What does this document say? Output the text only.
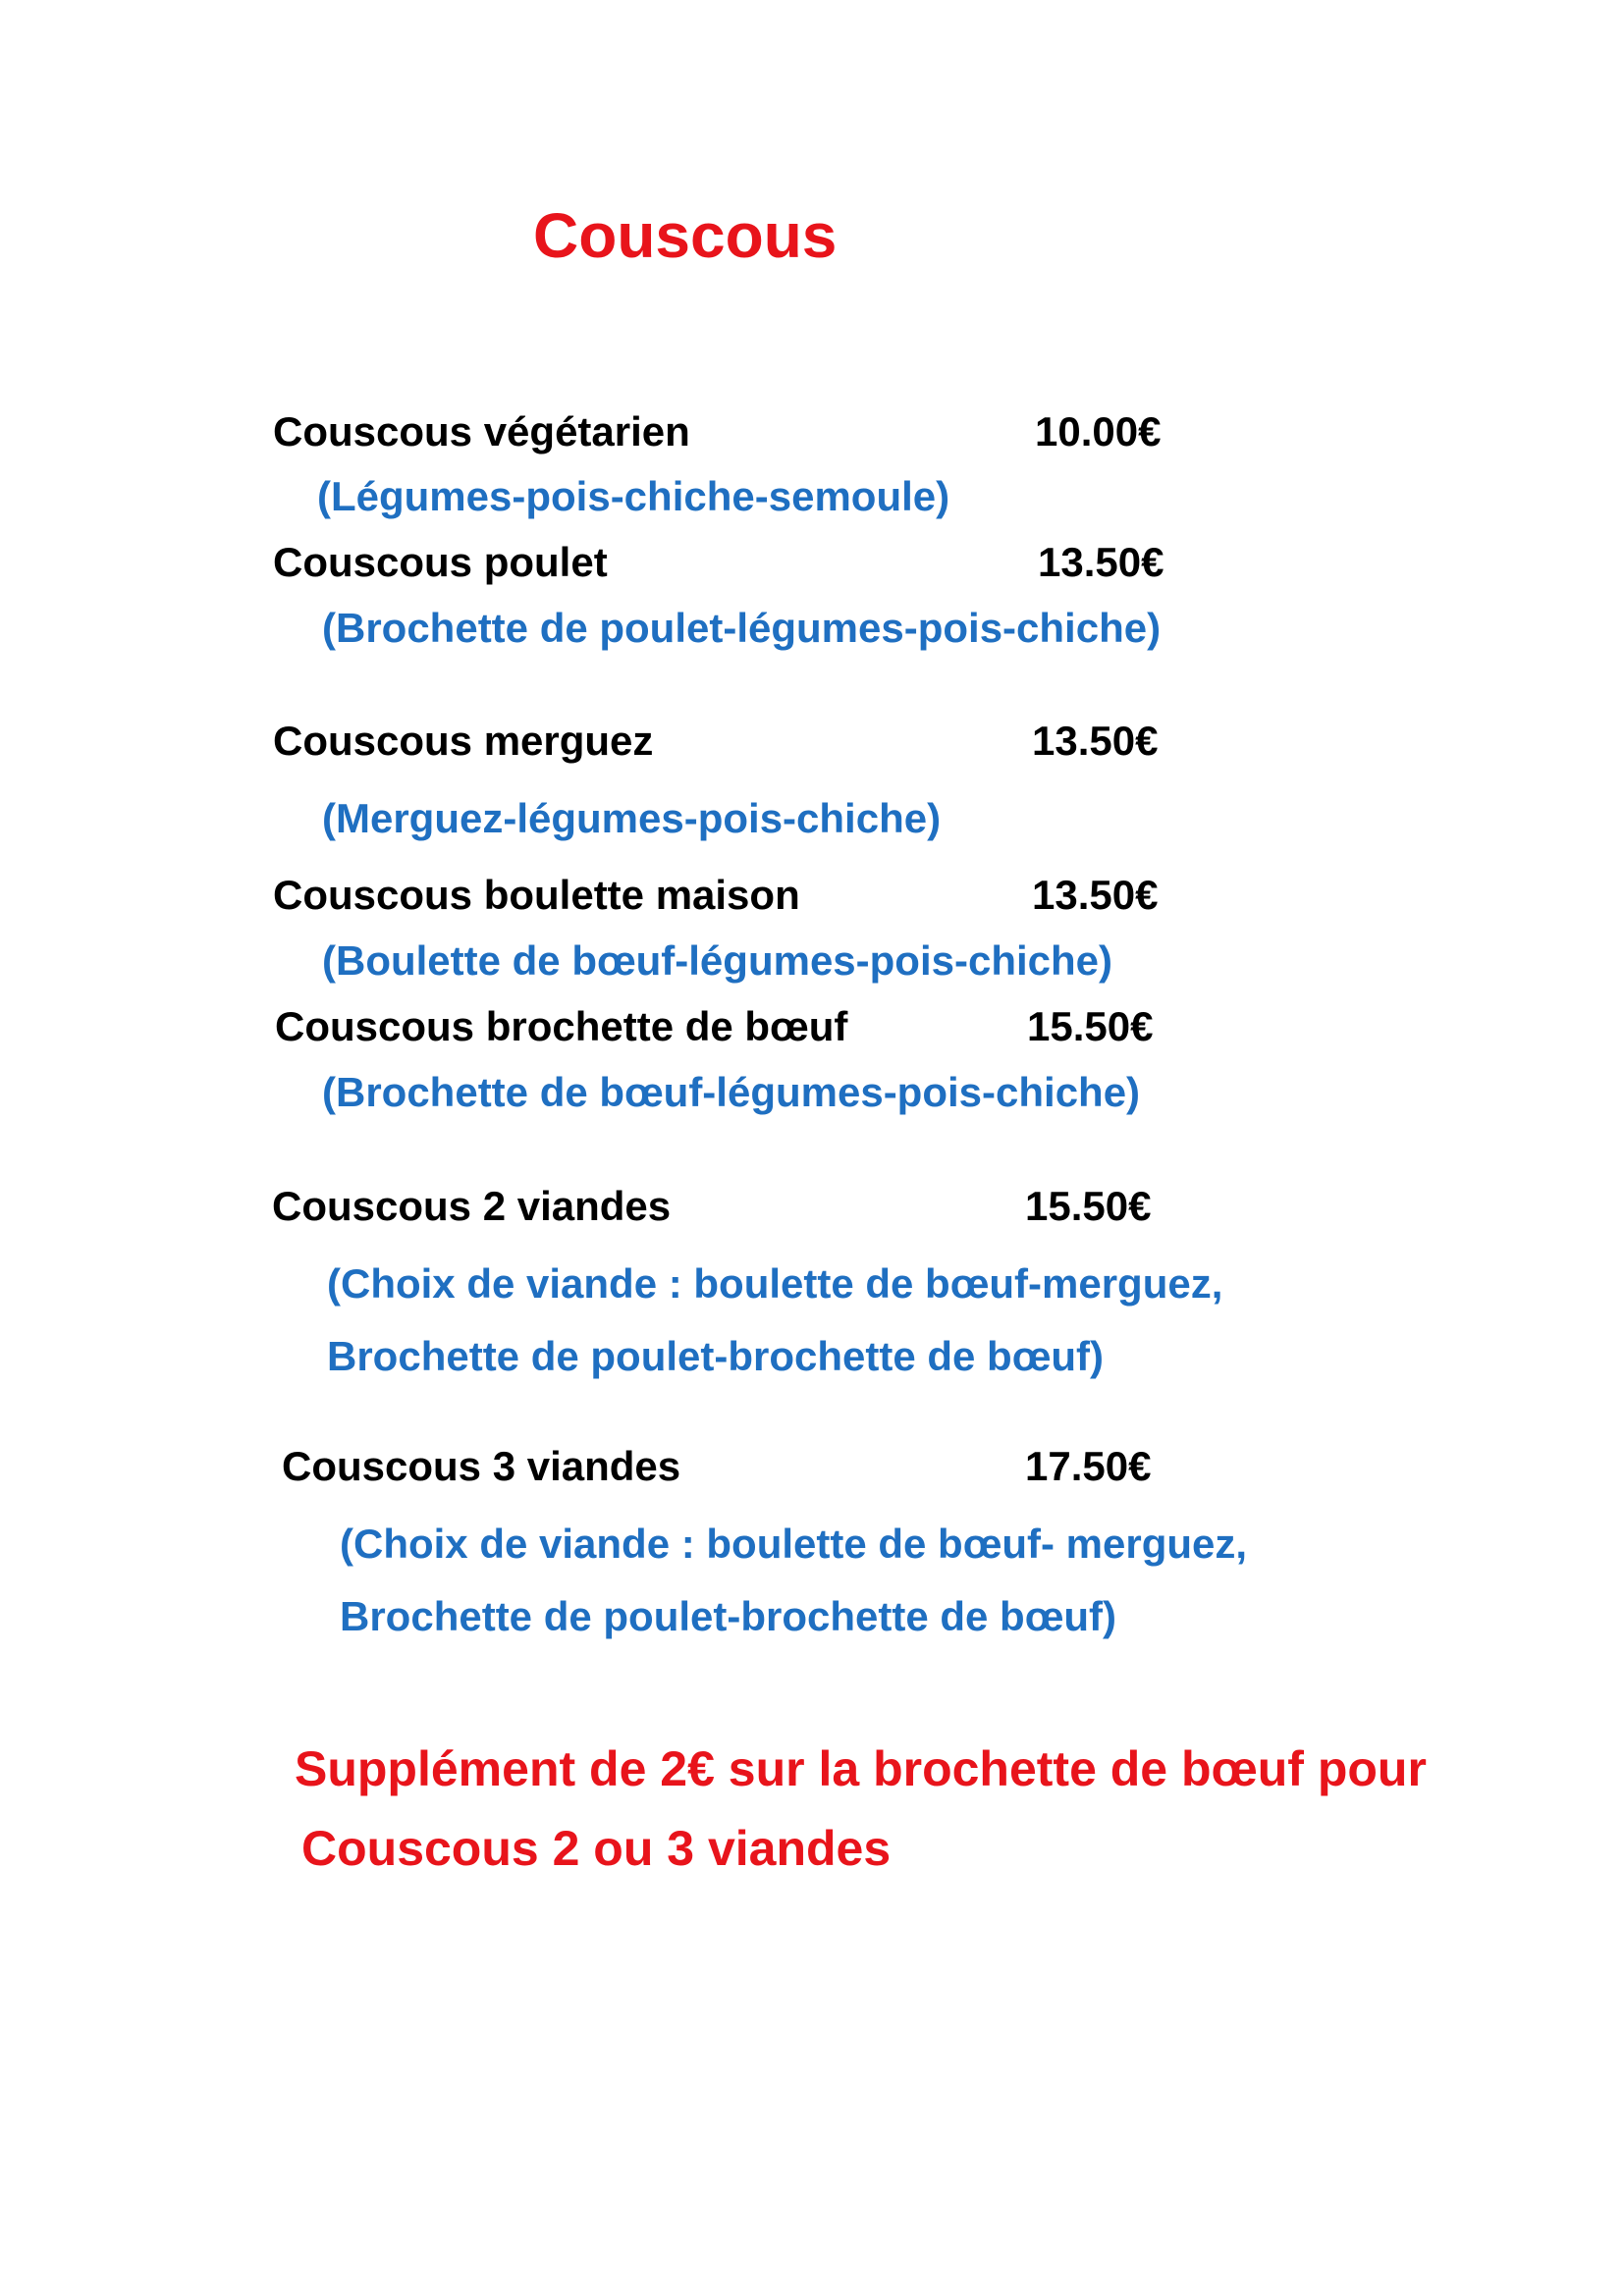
Couscous
Couscous végétarien	10.00€
(Légumes-pois-chiche-semoule)
Couscous poulet	13.50€
(Brochette de poulet-légumes-pois-chiche)
Couscous merguez	13.50€
(Merguez-légumes-pois-chiche)
Couscous boulette maison	13.50€
(Boulette de bœuf-légumes-pois-chiche)
Couscous brochette de bœuf	15.50€
(Brochette de bœuf-légumes-pois-chiche)
Couscous 2 viandes	15.50€
(Choix de viande : boulette de bœuf-merguez,
Brochette de poulet-brochette de bœuf)
Couscous 3 viandes	17.50€
(Choix de viande : boulette de bœuf- merguez,
Brochette de poulet-brochette de bœuf)
Supplément de 2€ sur la brochette de bœuf pour
Couscous 2 ou 3 viandes
